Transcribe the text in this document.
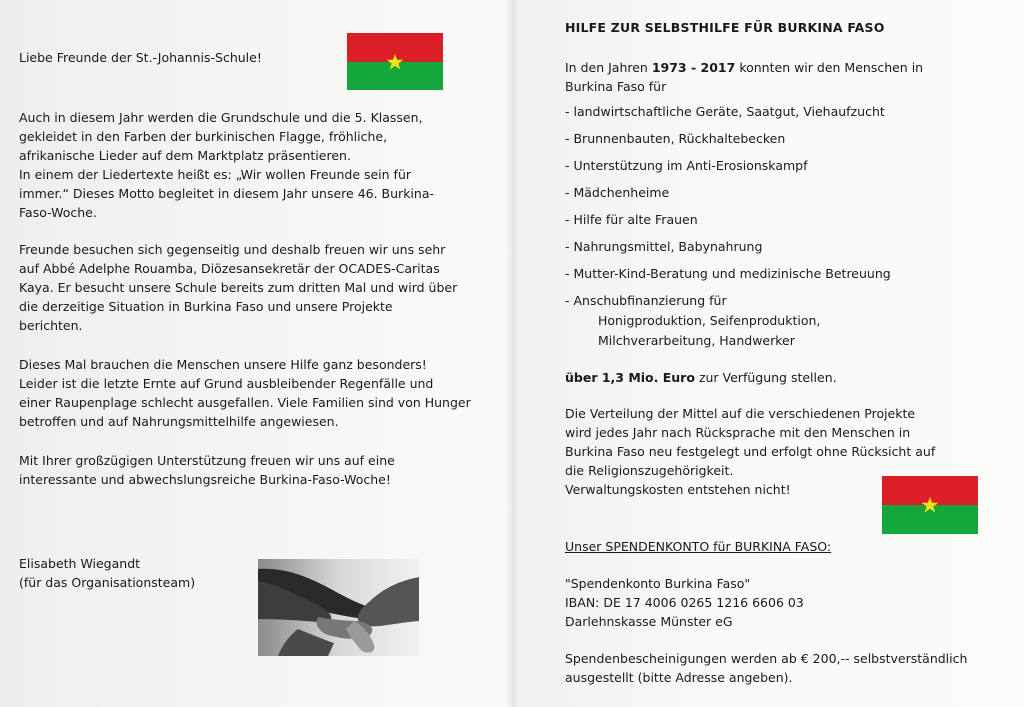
Liebe Freunde der St.-Johannis-Schule!
Auch in diesem Jahr werden die Grundschule und die 5. Klassen,
gekleidet in den Farben der burkinischen Flagge, fröhliche,
afrikanische Lieder auf dem Marktplatz präsentieren.
In einem der Liedertexte heißt es: „Wir wollen Freunde sein für
immer.“ Dieses Motto begleitet in diesem Jahr unsere 46. Burkina-
Faso-Woche.
Freunde besuchen sich gegenseitig und deshalb freuen wir uns sehr
auf Abbé Adelphe Rouamba, Diözesansekretär der OCADES-Caritas
Kaya. Er besucht unsere Schule bereits zum dritten Mal und wird über
die derzeitige Situation in Burkina Faso und unsere Projekte
berichten.
Dieses Mal brauchen die Menschen unsere Hilfe ganz besonders!
Leider ist die letzte Ernte auf Grund ausbleibender Regenfälle und
einer Raupenplage schlecht ausgefallen. Viele Familien sind von Hunger
betroffen und auf Nahrungsmittelhilfe angewiesen.
Mit Ihrer großzügigen Unterstützung freuen wir uns auf eine
interessante und abwechslungsreiche Burkina-Faso-Woche!
Elisabeth Wiegandt
(für das Organisationsteam)
HILFE ZUR SELBSTHILFE FÜR BURKINA FASO
In den Jahren 1973 - 2017 konnten wir den Menschen in
Burkina Faso für
- landwirtschaftliche Geräte, Saatgut, Viehaufzucht
- Brunnenbauten, Rückhaltebecken
- Unterstützung im Anti-Erosionskampf
- Mädchenheime
- Hilfe für alte Frauen
- Nahrungsmittel, Babynahrung
- Mutter-Kind-Beratung und medizinische Betreuung
- Anschubfinanzierung für
Honigproduktion, Seifenproduktion,
Milchverarbeitung, Handwerker
über 1,3 Mio. Euro zur Verfügung stellen.
Die Verteilung der Mittel auf die verschiedenen Projekte
wird jedes Jahr nach Rücksprache mit den Menschen in
Burkina Faso neu festgelegt und erfolgt ohne Rücksicht auf
die Religionszugehörigkeit.
Verwaltungskosten entstehen nicht!
Unser SPENDENKONTO für BURKINA FASO:
"Spendenkonto Burkina Faso"
IBAN: DE 17 4006 0265 1216 6606 03
Darlehnskasse Münster eG
Spendenbescheinigungen werden ab € 200,-- selbstverständlich
ausgestellt (bitte Adresse angeben).
